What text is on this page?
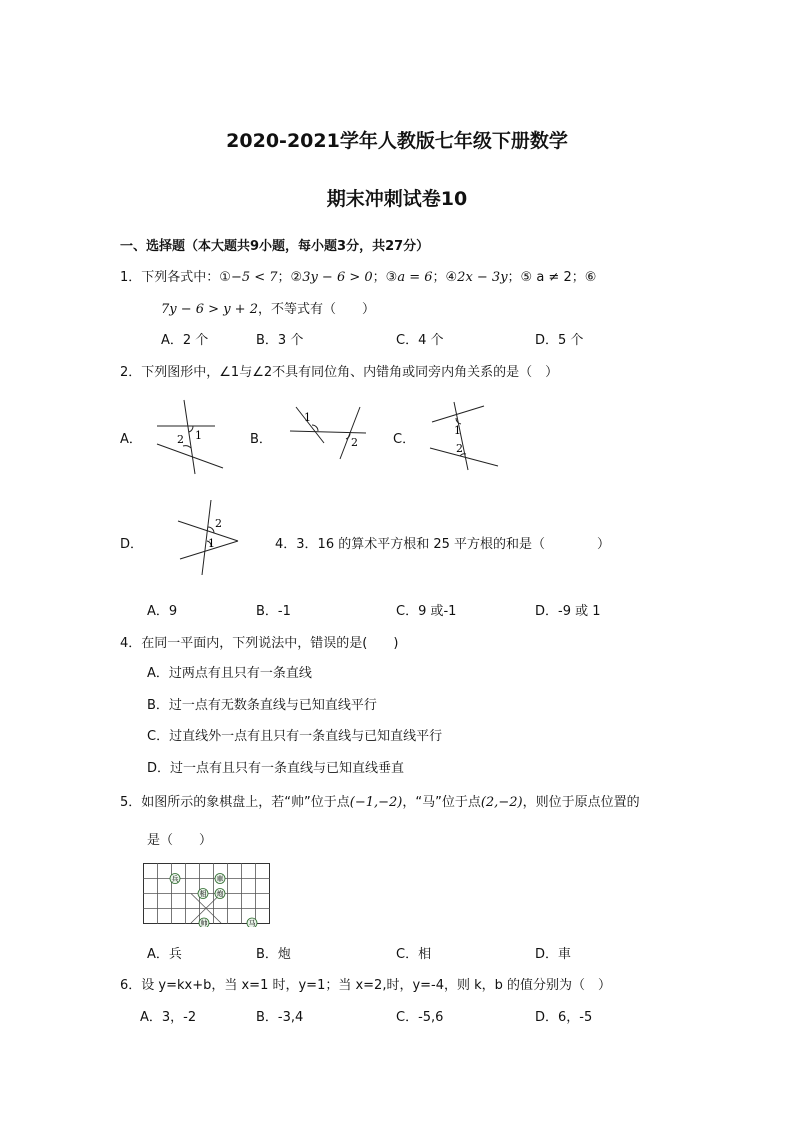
2020-2021学年人教版七年级下册数学
期末冲刺试卷10
一、选择题（本大题共9小题，每小题3分，共27分）
1．下列各式中：①−5 < 7；②3y − 6 > 0；③a = 6；④2x − 3y；⑤ a ≠ 2；⑥
7y − 6 > y + 2，不等式有（　　）
A．2 个	B．3 个	C．4 个	D．5 个
2．下列图形中，∠1与∠2不具有同位角、内错角或同旁内角关系的是（　）
A．	1
2	B．
1
2	C．
1
2
D．
2
1	4．3．16 的算术平方根和 25 平方根的和是（　　　　）
A．9	B．-1	C．9 或-1	D．-9 或 1
4．在同一平面内，下列说法中，错误的是(　　)
A．过两点有且只有一条直线
B．过一点有无数条直线与已知直线平行
C．过直线外一点有且只有一条直线与已知直线平行
D．过一点有且只有一条直线与已知直线垂直
5．如图所示的象棋盘上，若“帅”位于点(−1,−2)，“马”位于点(2,−2)，则位于原点位置的
是（　　）
兵	車
相 炮
帅	马
A．兵	B．炮	C．相	D．車
6．设 y=kx+b，当 x=1 时，y=1；当 x=2,时，y=-4，则 k，b 的值分别为（　）
A．3，-2	B．-3,4	C．-5,6	D．6，-5
